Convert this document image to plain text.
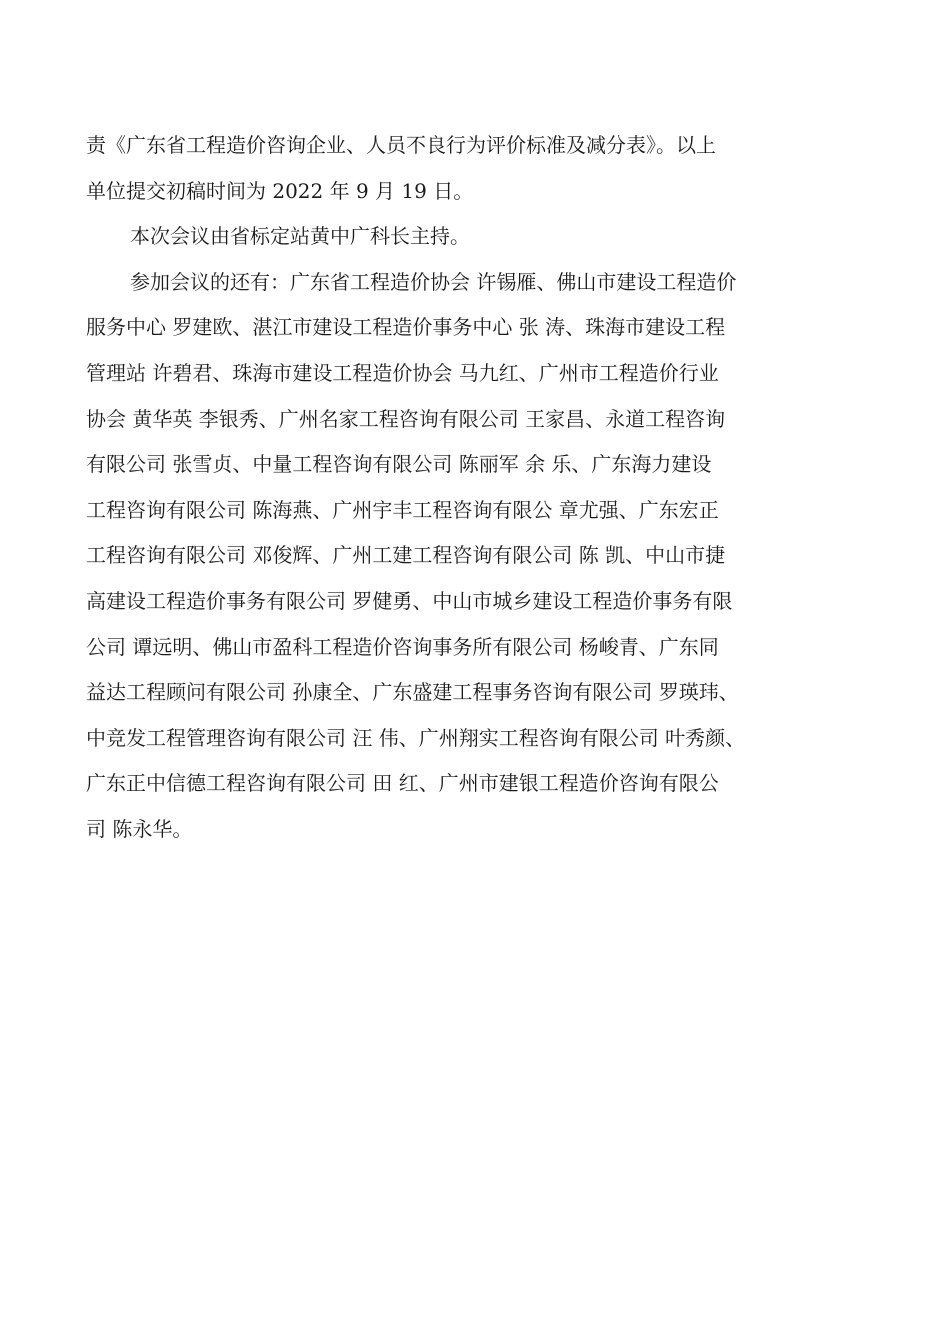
责《广东省工程造价咨询企业、人员不良行为评价标准及减分表》。以上
单位提交初稿时间为 2022 年 9 月 19 日。
本次会议由省标定站黄中广科长主持。
参加会议的还有：广东省工程造价协会 许锡雁、佛山市建设工程造价
服务中心 罗建欧、湛江市建设工程造价事务中心 张 涛、珠海市建设工程
管理站 许碧君、珠海市建设工程造价协会 马九红、广州市工程造价行业
协会 黄华英 李银秀、广州名家工程咨询有限公司 王家昌、永道工程咨询
有限公司 张雪贞、中量工程咨询有限公司 陈丽军 余 乐、广东海力建设
工程咨询有限公司 陈海燕、广州宇丰工程咨询有限公 章尤强、广东宏正
工程咨询有限公司 邓俊辉、广州工建工程咨询有限公司 陈 凯、中山市捷
高建设工程造价事务有限公司 罗健勇、中山市城乡建设工程造价事务有限
公司 谭远明、佛山市盈科工程造价咨询事务所有限公司 杨峻青、广东同
益达工程顾问有限公司 孙康全、广东盛建工程事务咨询有限公司 罗瑛玮、
中竞发工程管理咨询有限公司 汪 伟、广州翔实工程咨询有限公司 叶秀颜、
广东正中信德工程咨询有限公司 田 红、广州市建银工程造价咨询有限公
司 陈永华。
